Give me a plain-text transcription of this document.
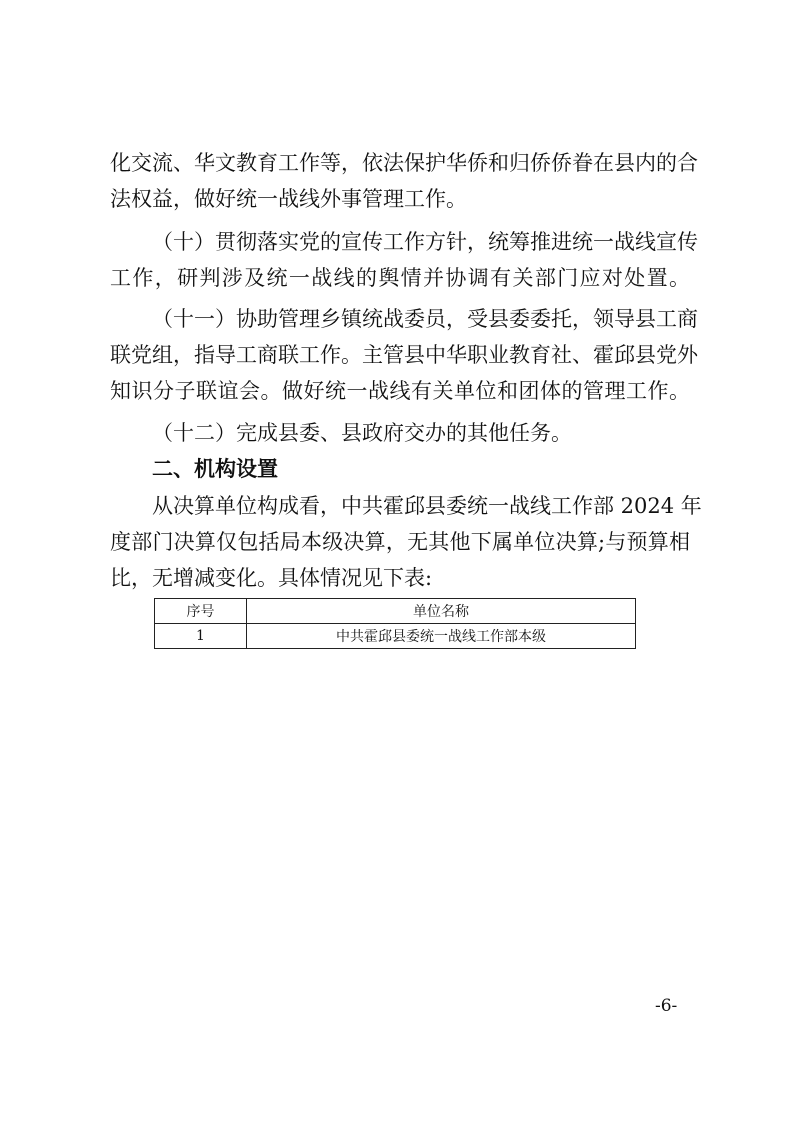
化交流、华文教育工作等，依法保护华侨和归侨侨眷在县内的合
法权益，做好统一战线外事管理工作。
（十）贯彻落实党的宣传工作方针，统筹推进统一战线宣传
工作，研判涉及统一战线的舆情并协调有关部门应对处置。
（十一）协助管理乡镇统战委员，受县委委托，领导县工商
联党组，指导工商联工作。主管县中华职业教育社、霍邱县党外
知识分子联谊会。做好统一战线有关单位和团体的管理工作。
（十二）完成县委、县政府交办的其他任务。
二、机构设置
从决算单位构成看，中共霍邱县委统一战线工作部 2024 年
度部门决算仅包括局本级决算，无其他下属单位决算;与预算相
比，无增减变化。具体情况见下表:
序号	单位名称
1	中共霍邱县委统一战线工作部本级
-6-
